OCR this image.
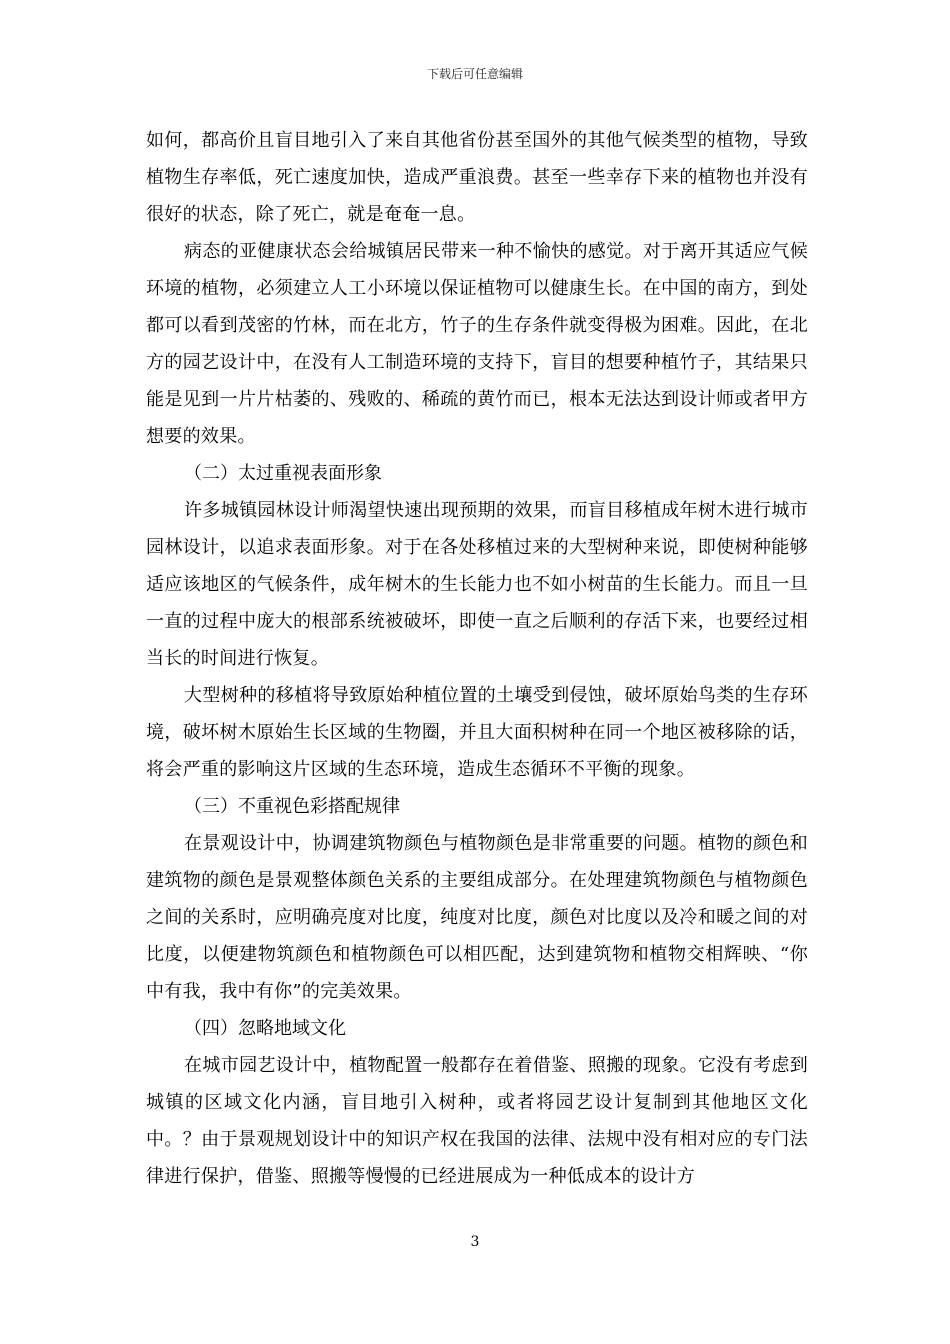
下载后可任意编辑

如何，都高价且盲目地引入了来自其他省份甚至国外的其他气候类型的植物，导致植物生存率低，死亡速度加快，造成严重浪费。甚至一些幸存下来的植物也并没有很好的状态，除了死亡，就是奄奄一息。

病态的亚健康状态会给城镇居民带来一种不愉快的感觉。对于离开其适应气候环境的植物，必须建立人工小环境以保证植物可以健康生长。在中国的南方，到处都可以看到茂密的竹林，而在北方，竹子的生存条件就变得极为困难。因此，在北方的园艺设计中，在没有人工制造环境的支持下，盲目的想要种植竹子，其结果只能是见到一片片枯萎的、残败的、稀疏的黄竹而已，根本无法达到设计师或者甲方想要的效果。

（二）太过重视表面形象

许多城镇园林设计师渴望快速出现预期的效果，而盲目移植成年树木进行城市园林设计，以追求表面形象。对于在各处移植过来的大型树种来说，即使树种能够适应该地区的气候条件，成年树木的生长能力也不如小树苗的生长能力。而且一旦一直的过程中庞大的根部系统被破坏，即使一直之后顺利的存活下来，也要经过相当长的时间进行恢复。

大型树种的移植将导致原始种植位置的土壤受到侵蚀，破坏原始鸟类的生存环境，破坏树木原始生长区域的生物圈，并且大面积树种在同一个地区被移除的话，将会严重的影响这片区域的生态环境，造成生态循环不平衡的现象。

（三）不重视色彩搭配规律

在景观设计中，协调建筑物颜色与植物颜色是非常重要的问题。植物的颜色和建筑物的颜色是景观整体颜色关系的主要组成部分。在处理建筑物颜色与植物颜色之间的关系时，应明确亮度对比度，纯度对比度，颜色对比度以及冷和暖之间的对比度，以便建物筑颜色和植物颜色可以相匹配，达到建筑物和植物交相辉映、“你中有我，我中有你”的完美效果。

（四）忽略地域文化

在城市园艺设计中，植物配置一般都存在着借鉴、照搬的现象。它没有考虑到城镇的区域文化内涵，盲目地引入树种，或者将园艺设计复制到其他地区文化中。？由于景观规划设计中的知识产权在我国的法律、法规中没有相对应的专门法律进行保护，借鉴、照搬等慢慢的已经进展成为一种低成本的设计方

3
